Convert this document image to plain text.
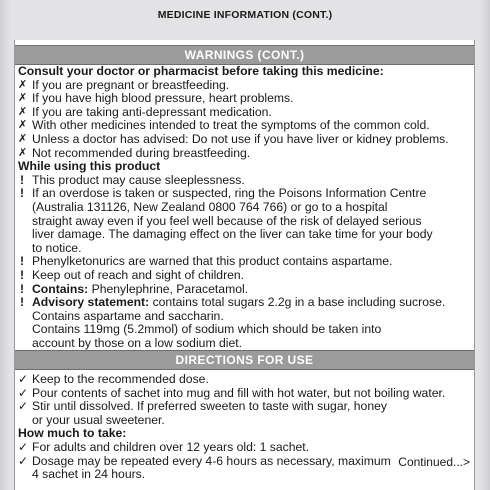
MEDICINE INFORMATION (CONT.)
WARNINGS (CONT.)
Consult your doctor or pharmacist before taking this medicine:
✗ If you are pregnant or breastfeeding.
✗ If you have high blood pressure, heart problems.
✗ If you are taking anti-depressant medication.
✗ With other medicines intended to treat the symptoms of the common cold.
✗ Unless a doctor has advised: Do not use if you have liver or kidney problems.
✗ Not recommended during breastfeeding.
While using this product
! This product may cause sleeplessness.
! If an overdose is taken or suspected, ring the Poisons Information Centre
(Australia 131126, New Zealand 0800 764 766) or go to a hospital
straight away even if you feel well because of the risk of delayed serious
liver damage. The damaging effect on the liver can take time for your body
to notice.
! Phenylketonurics are warned that this product contains aspartame.
! Keep out of reach and sight of children.
! Contains: Phenylephrine, Paracetamol.
! Advisory statement: contains total sugars 2.2g in a base including sucrose.
Contains aspartame and saccharin.
Contains 119mg (5.2mmol) of sodium which should be taken into
account by those on a low sodium diet.
DIRECTIONS FOR USE
✓ Keep to the recommended dose.
✓ Pour contents of sachet into mug and fill with hot water, but not boiling water.
✓ Stir until dissolved. If preferred sweeten to taste with sugar, honey
or your usual sweetener.
How much to take:
✓ For adults and children over 12 years old: 1 sachet.
✓ Dosage may be repeated every 4-6 hours as necessary, maximum
4 sachet in 24 hours.
Continued...>
